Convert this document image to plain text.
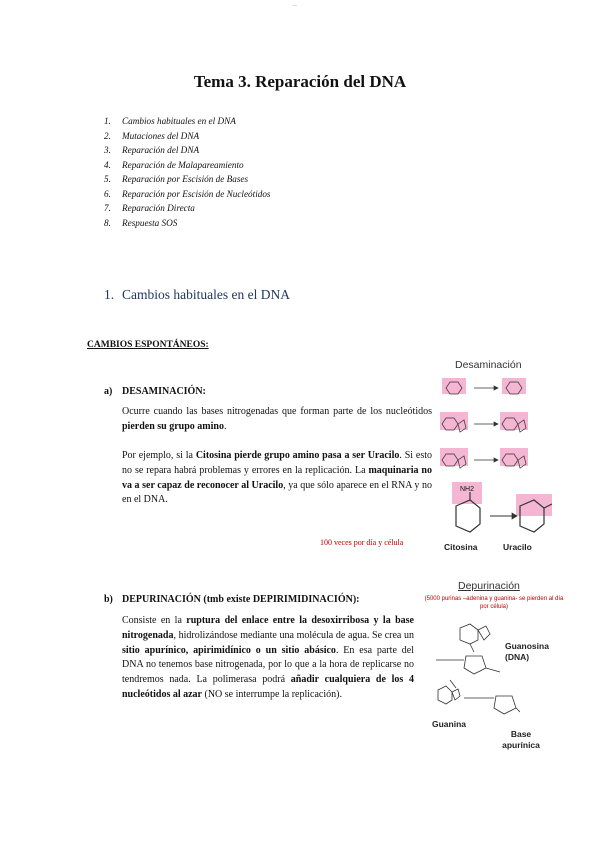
—
Tema 3. Reparación del DNA
1.	Cambios habituales en el DNA
2.	Mutaciones del DNA
3.	Reparación del DNA
4.	Reparación de Malapareamiento
5.	Reparación por Escisión de Bases
6.	Reparación por Escisión de Nucleótidos
7.	Reparación Directa
8.	Respuesta SOS
1. Cambios habituales en el DNA
CAMBIOS ESPONTÁNEOS:
a) DESAMINACIÓN:
Ocurre cuando las bases nitrogenadas que forman parte de los nucleótidos pierden su grupo amino.
Por ejemplo, si la Citosina pierde grupo amino pasa a ser Uracilo. Si esto no se repara habrá problemas y errores en la replicación. La maquinaria no va a ser capaz de reconocer al Uracilo, ya que sólo aparece en el RNA y no en el DNA.
100 veces por día y célula
Desaminación
NH2
Citosina	Uracilo
b) DEPURINACIÓN (tmb existe DEPIRIMIDINACIÓN):
Consiste en la ruptura del enlace entre la desoxirribosa y la base nitrogenada, hidrolizándose mediante una molécula de agua. Se crea un sitio apurínico, apirimidínico o un sitio abásico. En esa parte del DNA no tenemos base nitrogenada, por lo que a la hora de replicarse no tendremos nada. La polimerasa podrá añadir cualquiera de los 4 nucleótidos al azar (NO se interrumpe la replicación).
Depurinación
(5000 purinas –adenina y guanina- se pierden al día por célula)
Guanosina (DNA)
Guanina
Base apurínica
